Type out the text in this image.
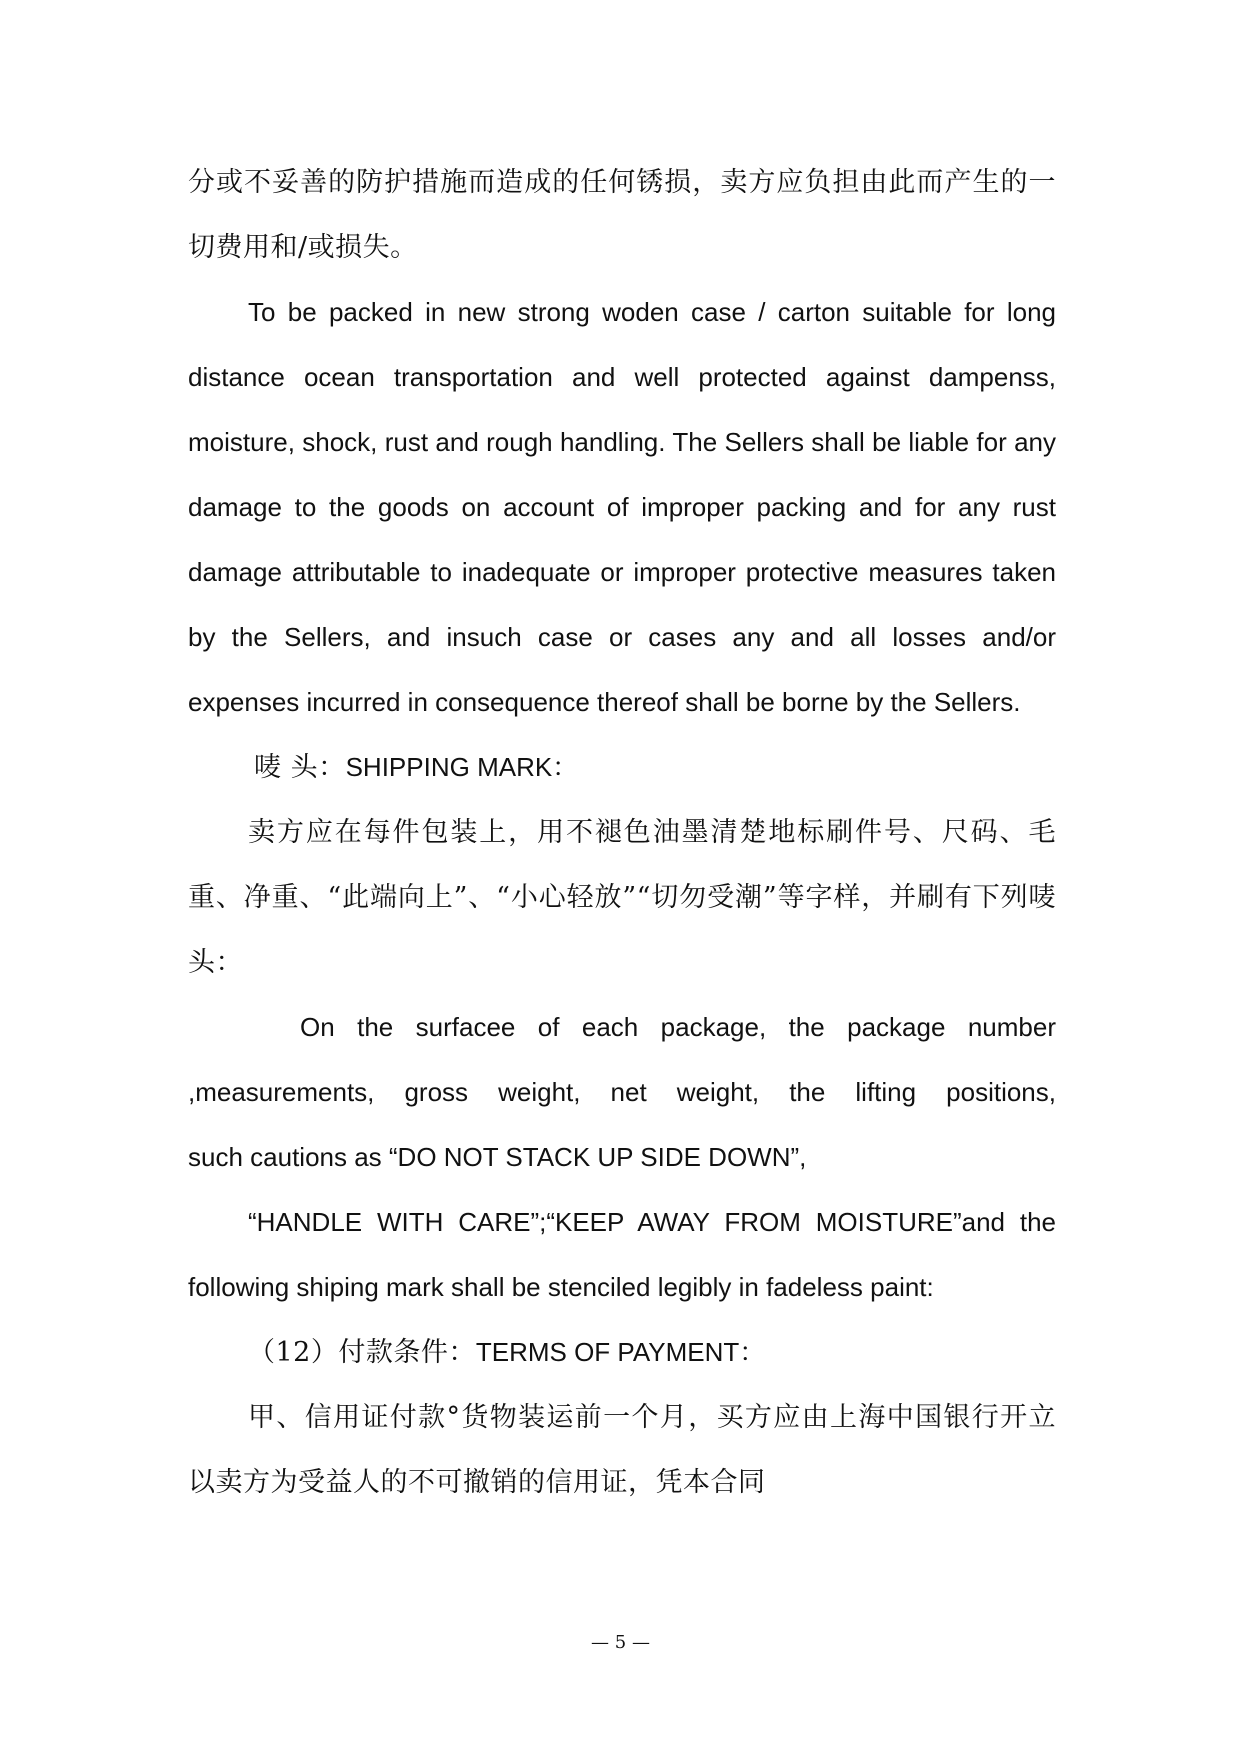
分或不妥善的防护措施而造成的任何锈损，卖方应负担由此而产生的一切费用和/或损失。

To be packed in new strong woden case / carton suitable for long distance ocean transportation and well protected against dampenss, moisture, shock, rust and rough handling. The Sellers shall be liable for any damage to the goods on account of improper packing and for any rust damage attributable to inadequate or improper protective measures taken by the Sellers, and insuch case or cases any and all losses and/or expenses incurred in consequence thereof shall be borne by the Sellers.

唛 头：SHIPPING MARK：

卖方应在每件包装上，用不褪色油墨清楚地标刷件号、尺码、毛重、净重、“此端向上”、“小心轻放”“切勿受潮”等字样，并刷有下列唛头：

On the surfacee of each package, the package number ,measurements, gross weight, net weight, the lifting positions,

such cautions as “DO NOT STACK UP SIDE DOWN”,

“HANDLE WITH CARE”;“KEEP AWAY FROM MOISTURE”and the following shiping mark shall be stenciled legibly in fadeless paint:

（12）付款条件：TERMS OF PAYMENT：

甲、信用证付款°货物装运前一个月，买方应由上海中国银行开立以卖方为受益人的不可撤销的信用证，凭本合同

— 5 —
